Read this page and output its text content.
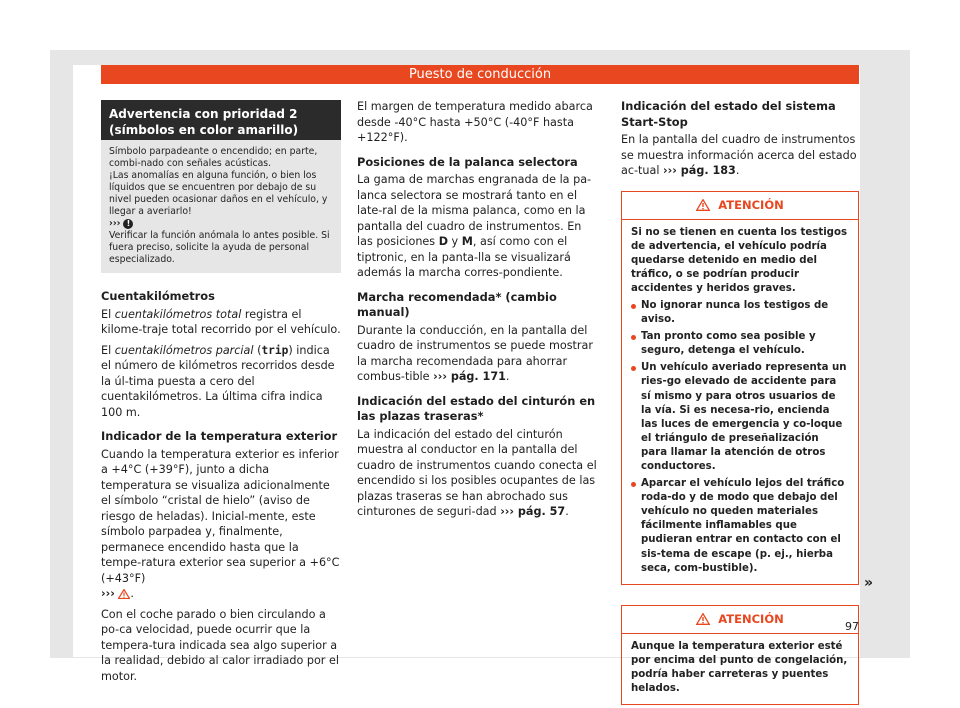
Puesto de conducción
Advertencia con prioridad 2 (símbolos en color amarillo)

Símbolo parpadeante o encendido; en parte, combi-nado con señales acústicas.

¡Las anomalías en alguna función, o bien los líquidos que se encuentren por debajo de su nivel pueden ocasionar daños en el vehículo, y llegar a averiarlo!

››› !

Verificar la función anómala lo antes posible. Si fuera preciso, solicite la ayuda de personal especializado.

Cuentakilómetros

El cuentakilómetros total registra el kilome-traje total recorrido por el vehículo.

El cuentakilómetros parcial (trip) indica el número de kilómetros recorridos desde la úl-tima puesta a cero del cuentakilómetros. La última cifra indica 100 m.

Indicador de la temperatura exterior

Cuando la temperatura exterior es inferior a +4°C (+39°F), junto a dicha temperatura se visualiza adicionalmente el símbolo “cristal de hielo” (aviso de riesgo de heladas). Inicial-mente, este símbolo parpadea y, finalmente, permanece encendido hasta que la tempe-ratura exterior sea superior a +6°C (+43°F)
››› .

Con el coche parado o bien circulando a po-ca velocidad, puede ocurrir que la tempera-tura indicada sea algo superior a la realidad, debido al calor irradiado por el motor.

El margen de temperatura medido abarca desde -40°C hasta +50°C (-40°F hasta +122°F).

Posiciones de la palanca selectora

La gama de marchas engranada de la pa-lanca selectora se mostrará tanto en el late-ral de la misma palanca, como en la pantalla del cuadro de instrumentos. En las posiciones D y M, así como con el tiptronic, en la panta-lla se visualizará además la marcha corres-pondiente.

Marcha recomendada* (cambio manual)

Durante la conducción, en la pantalla del cuadro de instrumentos se puede mostrar la marcha recomendada para ahorrar combus-tible ››› pág. 171.

Indicación del estado del cinturón en las plazas traseras*

La indicación del estado del cinturón muestra al conductor en la pantalla del cuadro de instrumentos cuando conecta el encendido si los posibles ocupantes de las plazas traseras se han abrochado sus cinturones de seguri-dad ››› pág. 57.

Indicación del estado del sistema Start-Stop

En la pantalla del cuadro de instrumentos se muestra información acerca del estado ac-tual ››› pág. 183.

ATENCIÓN

Si no se tienen en cuenta los testigos de advertencia, el vehículo podría quedarse detenido en medio del tráfico, o se podrían producir accidentes y heridos graves.

No ignorar nunca los testigos de aviso.
Tan pronto como sea posible y seguro, detenga el vehículo.
Un vehículo averiado representa un ries-go elevado de accidente para sí mismo y para otros usuarios de la vía. Si es necesa-rio, encienda las luces de emergencia y co-loque el triángulo de preseñalización para llamar la atención de otros conductores.
Aparcar el vehículo lejos del tráfico roda-do y de modo que debajo del vehículo no queden materiales fácilmente inflamables que pudieran entrar en contacto con el sis-tema de escape (p. ej., hierba seca, com-bustible).
ATENCIÓN

Aunque la temperatura exterior esté por encima del punto de congelación, podría haber carreteras y puentes helados.

»
97
